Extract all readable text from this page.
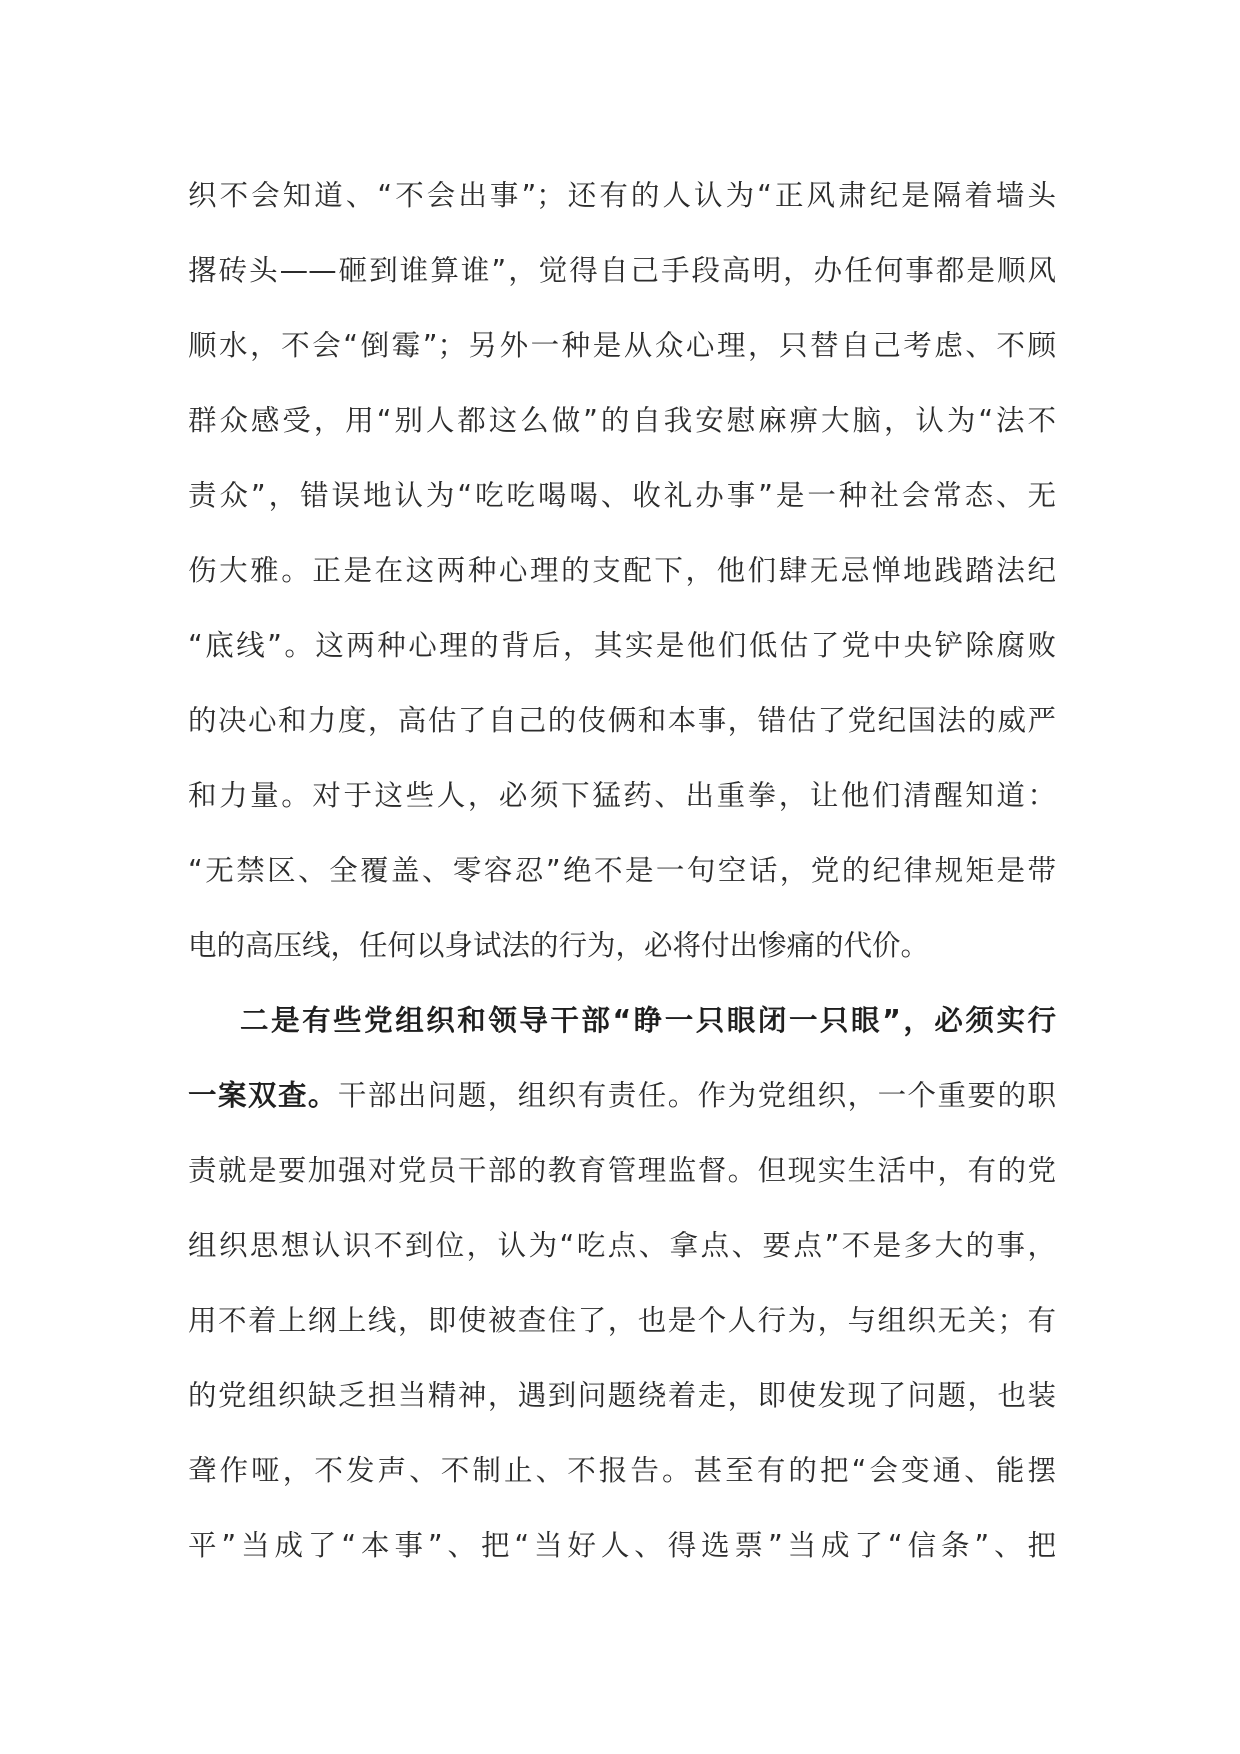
织不会知道、“不会出事”；还有的人认为“正风肃纪是隔着墙头
撂砖头——砸到谁算谁”，觉得自己手段高明，办任何事都是顺风
顺水，不会“倒霉”；另外一种是从众心理，只替自己考虑、不顾
群众感受，用“别人都这么做”的自我安慰麻痹大脑，认为“法不
责众”，错误地认为“吃吃喝喝、收礼办事”是一种社会常态、无
伤大雅。正是在这两种心理的支配下，他们肆无忌惮地践踏法纪
“底线”。这两种心理的背后，其实是他们低估了党中央铲除腐败
的决心和力度，高估了自己的伎俩和本事，错估了党纪国法的威严
和力量。对于这些人，必须下猛药、出重拳，让他们清醒知道：
“无禁区、全覆盖、零容忍”绝不是一句空话，党的纪律规矩是带
电的高压线，任何以身试法的行为，必将付出惨痛的代价。
二是有些党组织和领导干部“睁一只眼闭一只眼”，必须实行
一案双查。干部出问题，组织有责任。作为党组织，一个重要的职
责就是要加强对党员干部的教育管理监督。但现实生活中，有的党
组织思想认识不到位，认为“吃点、拿点、要点”不是多大的事，
用不着上纲上线，即使被查住了，也是个人行为，与组织无关；有
的党组织缺乏担当精神，遇到问题绕着走，即使发现了问题，也装
聋作哑，不发声、不制止、不报告。甚至有的把“会变通、能摆
平”当成了“本事”、把“当好人、得选票”当成了“信条”、把
